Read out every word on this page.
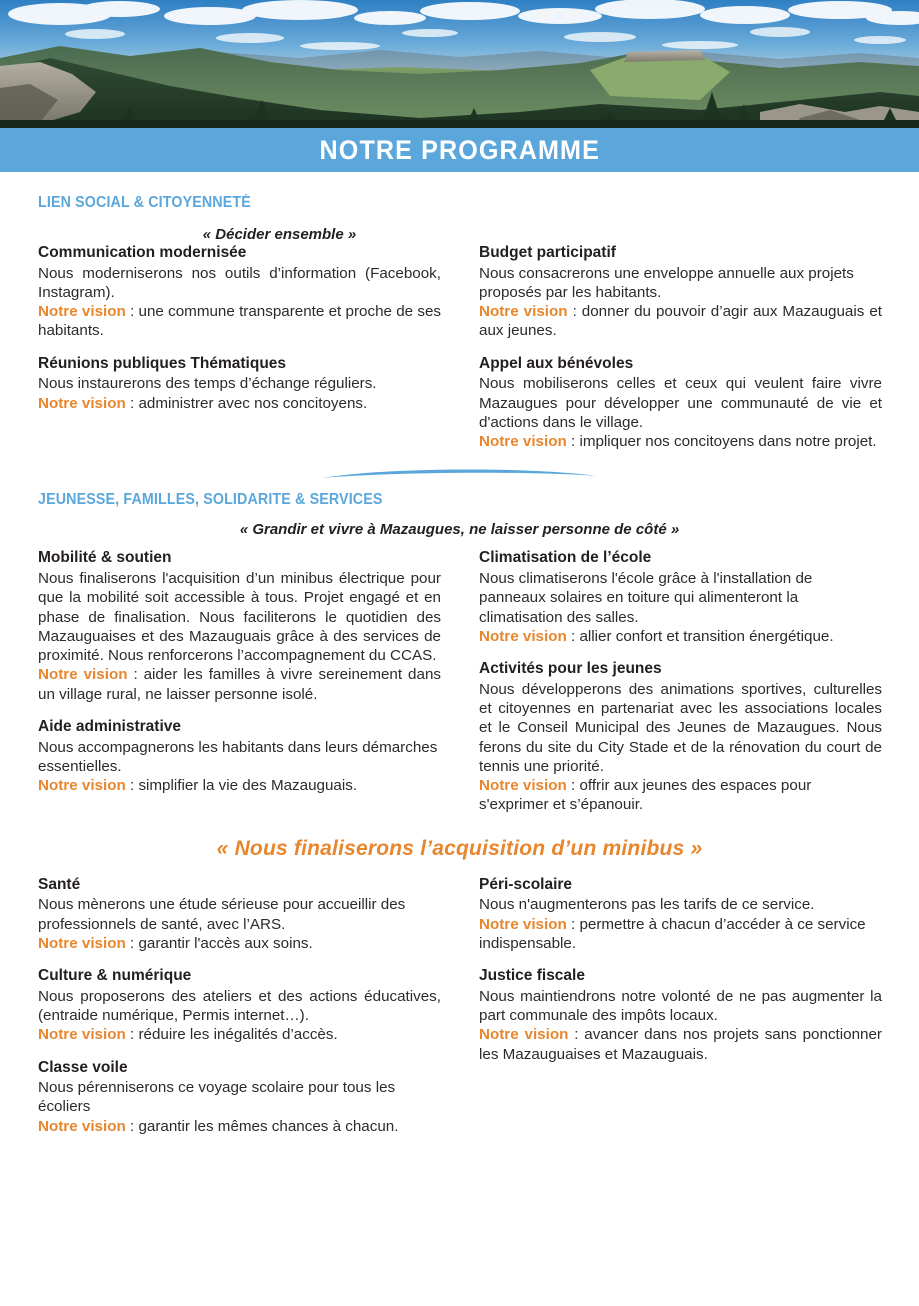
NOTRE PROGRAMME
LIEN SOCIAL & CITOYENNETÉ
« Décider ensemble »
Communication modernisée
Nous moderniserons nos outils d’information (Facebook, Instagram).
Notre vision : une commune transparente et proche de ses habitants.
Réunions publiques Thématiques
Nous instaurerons des temps d’échange réguliers.
Notre vision : administrer avec nos concitoyens.
Budget participatif
Nous consacrerons une enveloppe annuelle aux projets proposés par les habitants.
Notre vision : donner du pouvoir d’agir aux Mazauguais et aux jeunes.
Appel aux bénévoles
Nous mobiliserons celles et ceux qui veulent faire vivre Mazaugues pour développer une communauté de vie et d'actions dans le village.
Notre vision : impliquer nos concitoyens dans notre projet.
JEUNESSE, FAMILLES, SOLIDARITE & SERVICES
« Grandir et vivre à Mazaugues, ne laisser personne de côté »
Mobilité & soutien
Nous finaliserons l'acquisition d’un minibus électrique pour que la mobilité soit accessible à tous. Projet engagé et en phase de finalisation. Nous faciliterons le quotidien des Mazauguaises et des Mazauguais grâce à des services de proximité. Nous renforcerons l’accompagnement du CCAS.
Notre vision : aider les familles à vivre sereinement dans un village rural, ne laisser personne isolé.
Aide administrative
Nous accompagnerons les habitants dans leurs démarches essentielles.
Notre vision : simplifier la vie des Mazauguais.
Climatisation de l’école
Nous climatiserons l'école grâce à l'installation de panneaux solaires en toiture qui alimenteront la climatisation des salles.
Notre vision : allier confort et transition énergétique.
Activités pour les jeunes
Nous développerons des animations sportives, culturelles et citoyennes en partenariat avec les associations locales et le Conseil Municipal des Jeunes de Mazaugues. Nous ferons du site du City Stade et de la rénovation du court de tennis une priorité.
Notre vision : offrir aux jeunes des espaces pour s'exprimer et s’épanouir.
« Nous finaliserons l’acquisition d’un minibus »
Santé
Nous mènerons une étude sérieuse pour accueillir des professionnels de santé, avec l’ARS.
Notre vision : garantir l'accès aux soins.
Culture & numérique
Nous proposerons des ateliers et des actions éducatives, (entraide numérique, Permis internet…).
Notre vision : réduire les inégalités d’accès.
Classe voile
Nous pérenniserons ce voyage scolaire pour tous les écoliers
Notre vision : garantir les mêmes chances à chacun.
Péri-scolaire
Nous n'augmenterons pas les tarifs de ce service.
Notre vision : permettre à chacun d’accéder à ce service indispensable.
Justice fiscale
Nous maintiendrons notre volonté de ne pas augmenter la part communale des impôts locaux.
Notre vision : avancer dans nos projets sans ponctionner les Mazauguaises et Mazauguais.
